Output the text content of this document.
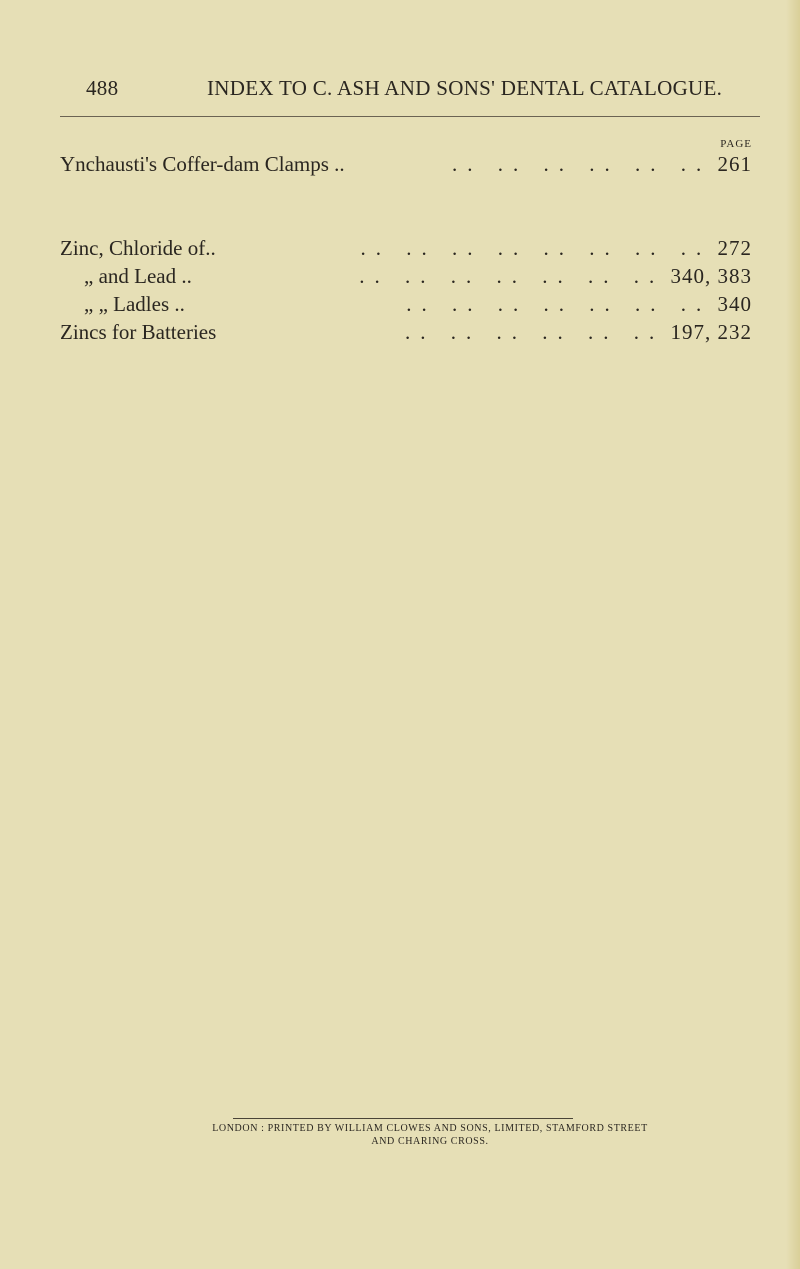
488	INDEX TO C. ASH AND SONS' DENTAL CATALOGUE.
PAGE
Ynchausti's Coffer-dam Clamps ..	.. .. .. .. .. .. 261
Zinc, Chloride of..	.. .. .. .. .. .. .. .. 272
„ and Lead ..	.. .. .. .. .. .. .. 340, 383
„ „ Ladles ..	.. .. .. .. .. .. .. 340
Zincs for Batteries	.. .. .. .. .. .. 197, 232
LONDON : PRINTED BY WILLIAM CLOWES AND SONS, LIMITED, STAMFORD STREET
AND CHARING CROSS.
